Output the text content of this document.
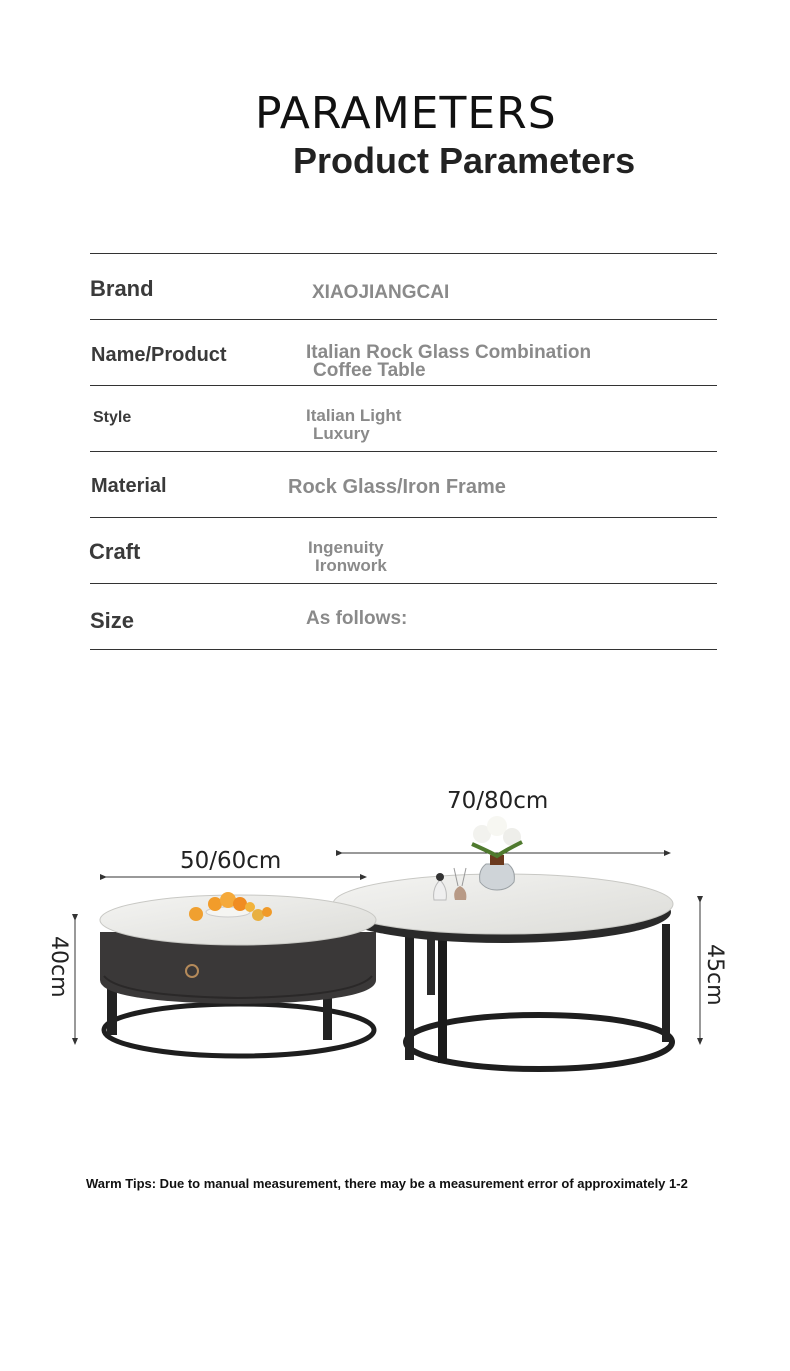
PARAMETERS
Product Parameters
Brand	XIAOJIANGCAI
Name/Product	Italian Rock Glass Combination
Coffee Table
Style	Italian Light
Luxury
Material	Rock Glass/Iron Frame
Craft	Ingenuity
Ironwork
Size	As follows:
70/80cm
50/60cm
40cm	45cm
Warm Tips: Due to manual measurement, there may be a measurement error of approximately 1-2
